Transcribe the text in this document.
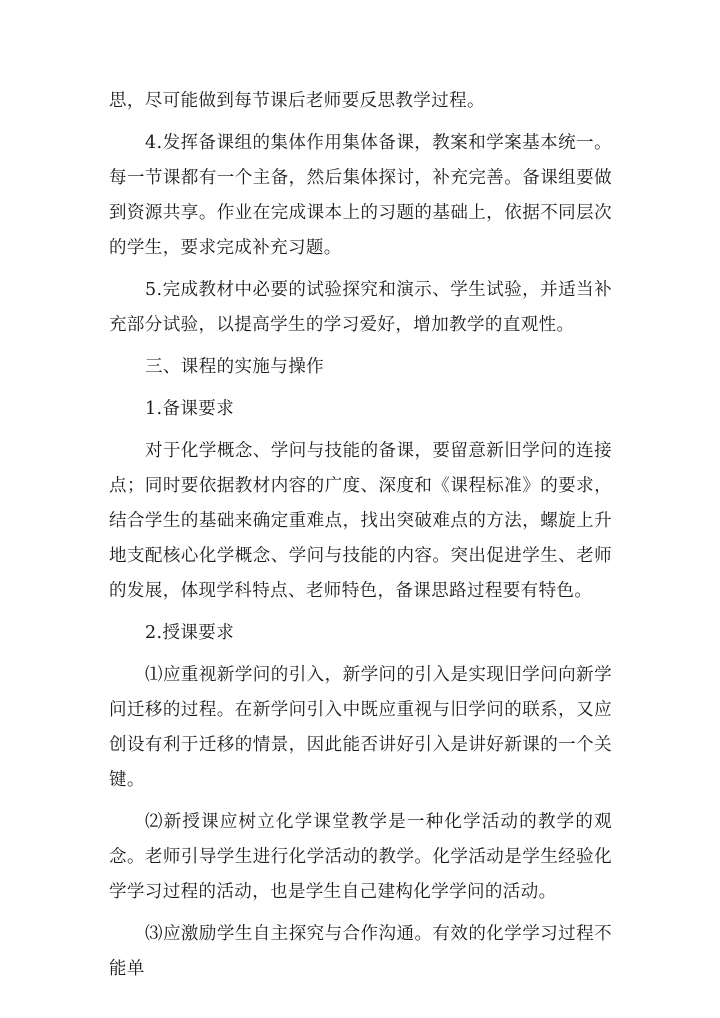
思，尽可能做到每节课后老师要反思教学过程。

4.发挥备课组的集体作用集体备课，教案和学案基本统一。每一节课都有一个主备，然后集体探讨，补充完善。备课组要做到资源共享。作业在完成课本上的习题的基础上，依据不同层次的学生，要求完成补充习题。

5.完成教材中必要的试验探究和演示、学生试验，并适当补充部分试验，以提高学生的学习爱好，增加教学的直观性。

三、课程的实施与操作

1.备课要求

对于化学概念、学问与技能的备课，要留意新旧学问的连接点；同时要依据教材内容的广度、深度和《课程标准》的要求，结合学生的基础来确定重难点，找出突破难点的方法，螺旋上升地支配核心化学概念、学问与技能的内容。突出促进学生、老师的发展，体现学科特点、老师特色，备课思路过程要有特色。

2.授课要求

⑴应重视新学问的引入，新学问的引入是实现旧学问向新学问迁移的过程。在新学问引入中既应重视与旧学问的联系，又应创设有利于迁移的情景，因此能否讲好引入是讲好新课的一个关键。

⑵新授课应树立化学课堂教学是一种化学活动的教学的观念。老师引导学生进行化学活动的教学。化学活动是学生经验化学学习过程的活动，也是学生自己建构化学学问的活动。

⑶应激励学生自主探究与合作沟通。有效的化学学习过程不能单
